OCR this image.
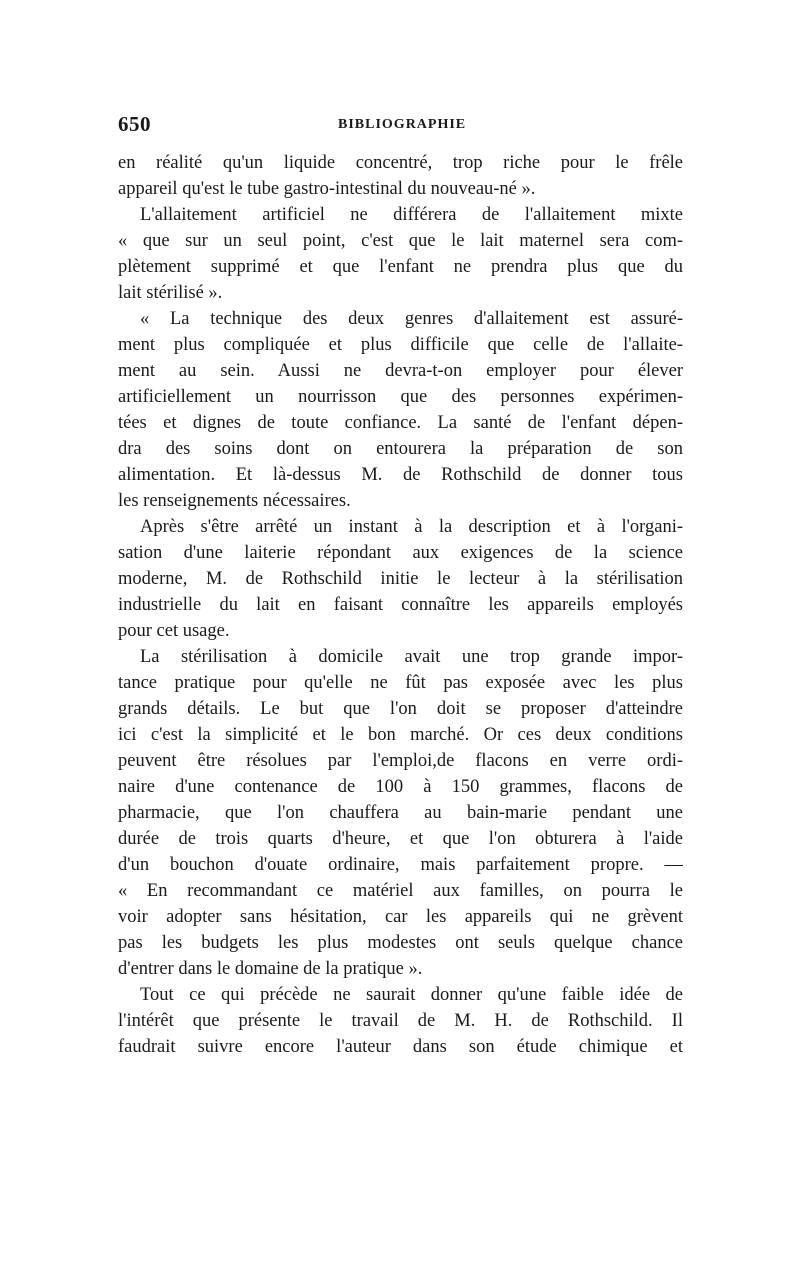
650	BIBLIOGRAPHIE
en réalité qu'un liquide concentré, trop riche pour le frêle
appareil qu'est le tube gastro-intestinal du nouveau-né ».
L'allaitement artificiel ne différera de l'allaitement mixte
« que sur un seul point, c'est que le lait maternel sera com-
plètement supprimé et que l'enfant ne prendra plus que du
lait stérilisé ».
« La technique des deux genres d'allaitement est assuré-
ment plus compliquée et plus difficile que celle de l'allaite-
ment au sein. Aussi ne devra-t-on employer pour élever
artificiellement un nourrisson que des personnes expérimen-
tées et dignes de toute confiance. La santé de l'enfant dépen-
dra des soins dont on entourera la préparation de son
alimentation. Et là-dessus M. de Rothschild de donner tous
les renseignements nécessaires.
Après s'être arrêté un instant à la description et à l'organi-
sation d'une laiterie répondant aux exigences de la science
moderne, M. de Rothschild initie le lecteur à la stérilisation
industrielle du lait en faisant connaître les appareils employés
pour cet usage.
La stérilisation à domicile avait une trop grande impor-
tance pratique pour qu'elle ne fût pas exposée avec les plus
grands détails. Le but que l'on doit se proposer d'atteindre
ici c'est la simplicité et le bon marché. Or ces deux conditions
peuvent être résolues par l'emploi,de flacons en verre ordi-
naire d'une contenance de 100 à 150 grammes, flacons de
pharmacie, que l'on chauffera au bain-marie pendant une
durée de trois quarts d'heure, et que l'on obturera à l'aide
d'un bouchon d'ouate ordinaire, mais parfaitement propre. —
« En recommandant ce matériel aux familles, on pourra le
voir adopter sans hésitation, car les appareils qui ne grèvent
pas les budgets les plus modestes ont seuls quelque chance
d'entrer dans le domaine de la pratique ».
Tout ce qui précède ne saurait donner qu'une faible idée de
l'intérêt que présente le travail de M. H. de Rothschild. Il
faudrait suivre encore l'auteur dans son étude chimique et
